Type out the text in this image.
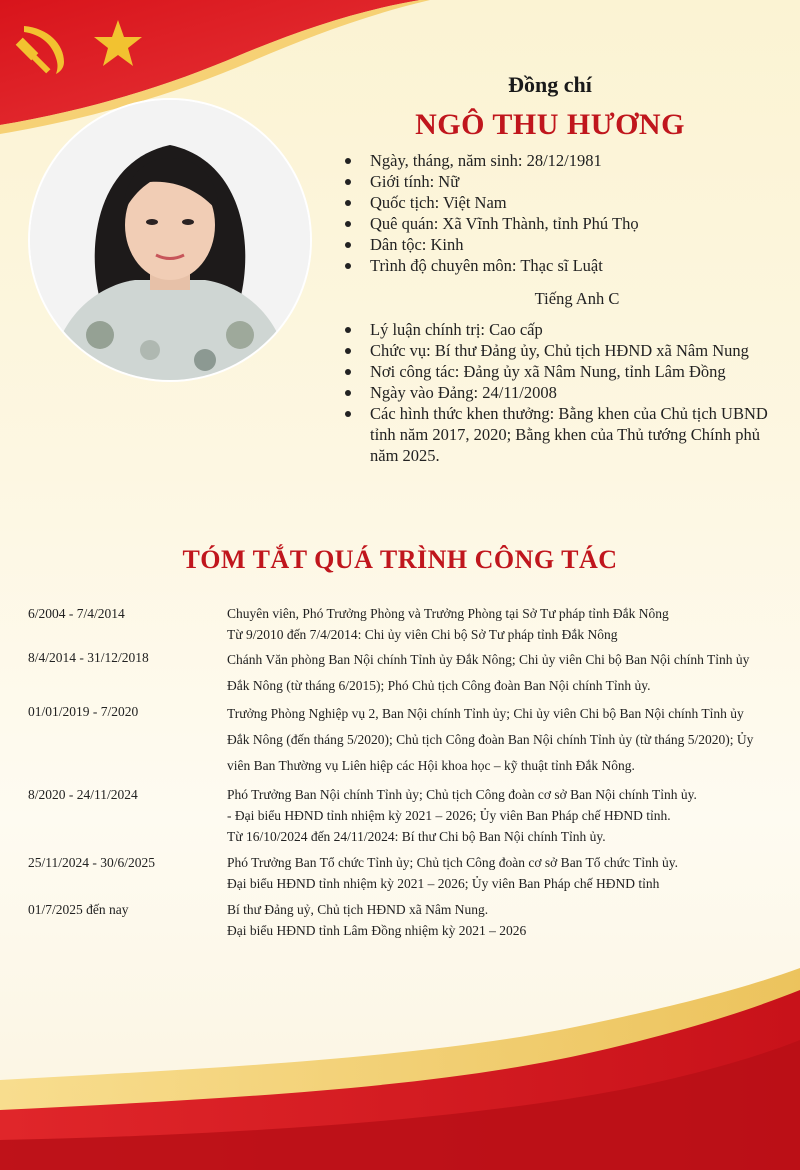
Đồng chí
NGÔ THU HƯƠNG
Ngày, tháng, năm sinh: 28/12/1981
Giới tính: Nữ
Quốc tịch: Việt Nam
Quê quán: Xã Vĩnh Thành, tỉnh Phú Thọ
Dân tộc: Kinh
Trình độ chuyên môn: Thạc sĩ Luật
Tiếng Anh C
Lý luận chính trị: Cao cấp
Chức vụ: Bí thư Đảng ủy, Chủ tịch HĐND xã Nâm Nung
Nơi công tác: Đảng ủy xã Nâm Nung, tỉnh Lâm Đồng
Ngày vào Đảng: 24/11/2008
Các hình thức khen thưởng: Bằng khen của Chủ tịch UBND tỉnh năm 2017, 2020; Bằng khen của Thủ tướng Chính phủ năm 2025.
TÓM TẮT QUÁ TRÌNH CÔNG TÁC
6/2004 - 7/4/2014	Chuyên viên, Phó Trưởng Phòng và Trưởng Phòng tại Sở Tư pháp tỉnh Đắk Nông
Từ 9/2010 đến 7/4/2014: Chi ủy viên Chi bộ Sở Tư pháp tỉnh Đắk Nông
8/4/2014 - 31/12/2018	Chánh Văn phòng Ban Nội chính Tỉnh ủy Đắk Nông; Chi ủy viên Chi bộ Ban Nội chính Tỉnh ủy Đắk Nông (từ tháng 6/2015); Phó Chủ tịch Công đoàn Ban Nội chính Tỉnh ủy.
01/01/2019 - 7/2020	Trưởng Phòng Nghiệp vụ 2, Ban Nội chính Tỉnh ủy; Chi ủy viên Chi bộ Ban Nội chính Tỉnh ủy Đắk Nông (đến tháng 5/2020); Chủ tịch Công đoàn Ban Nội chính Tỉnh ủy (từ tháng 5/2020); Ủy viên Ban Thường vụ Liên hiệp các Hội khoa học – kỹ thuật tỉnh Đắk Nông.
8/2020 - 24/11/2024	Phó Trưởng Ban Nội chính Tỉnh ủy; Chủ tịch Công đoàn cơ sở Ban Nội chính Tỉnh ủy.
- Đại biểu HĐND tỉnh nhiệm kỳ 2021 – 2026; Ủy viên Ban Pháp chế HĐND tỉnh.
Từ 16/10/2024 đến 24/11/2024: Bí thư Chi bộ Ban Nội chính Tỉnh ủy.
25/11/2024 - 30/6/2025	Phó Trưởng Ban Tổ chức Tỉnh ủy; Chủ tịch Công đoàn cơ sở Ban Tổ chức Tỉnh ủy.
Đại biểu HĐND tỉnh nhiệm kỳ 2021 – 2026; Ủy viên Ban Pháp chế HĐND tỉnh
01/7/2025 đến nay	Bí thư Đảng uỷ, Chủ tịch HĐND xã Nâm Nung.
Đại biểu HĐND tỉnh Lâm Đồng nhiệm kỳ 2021 – 2026
